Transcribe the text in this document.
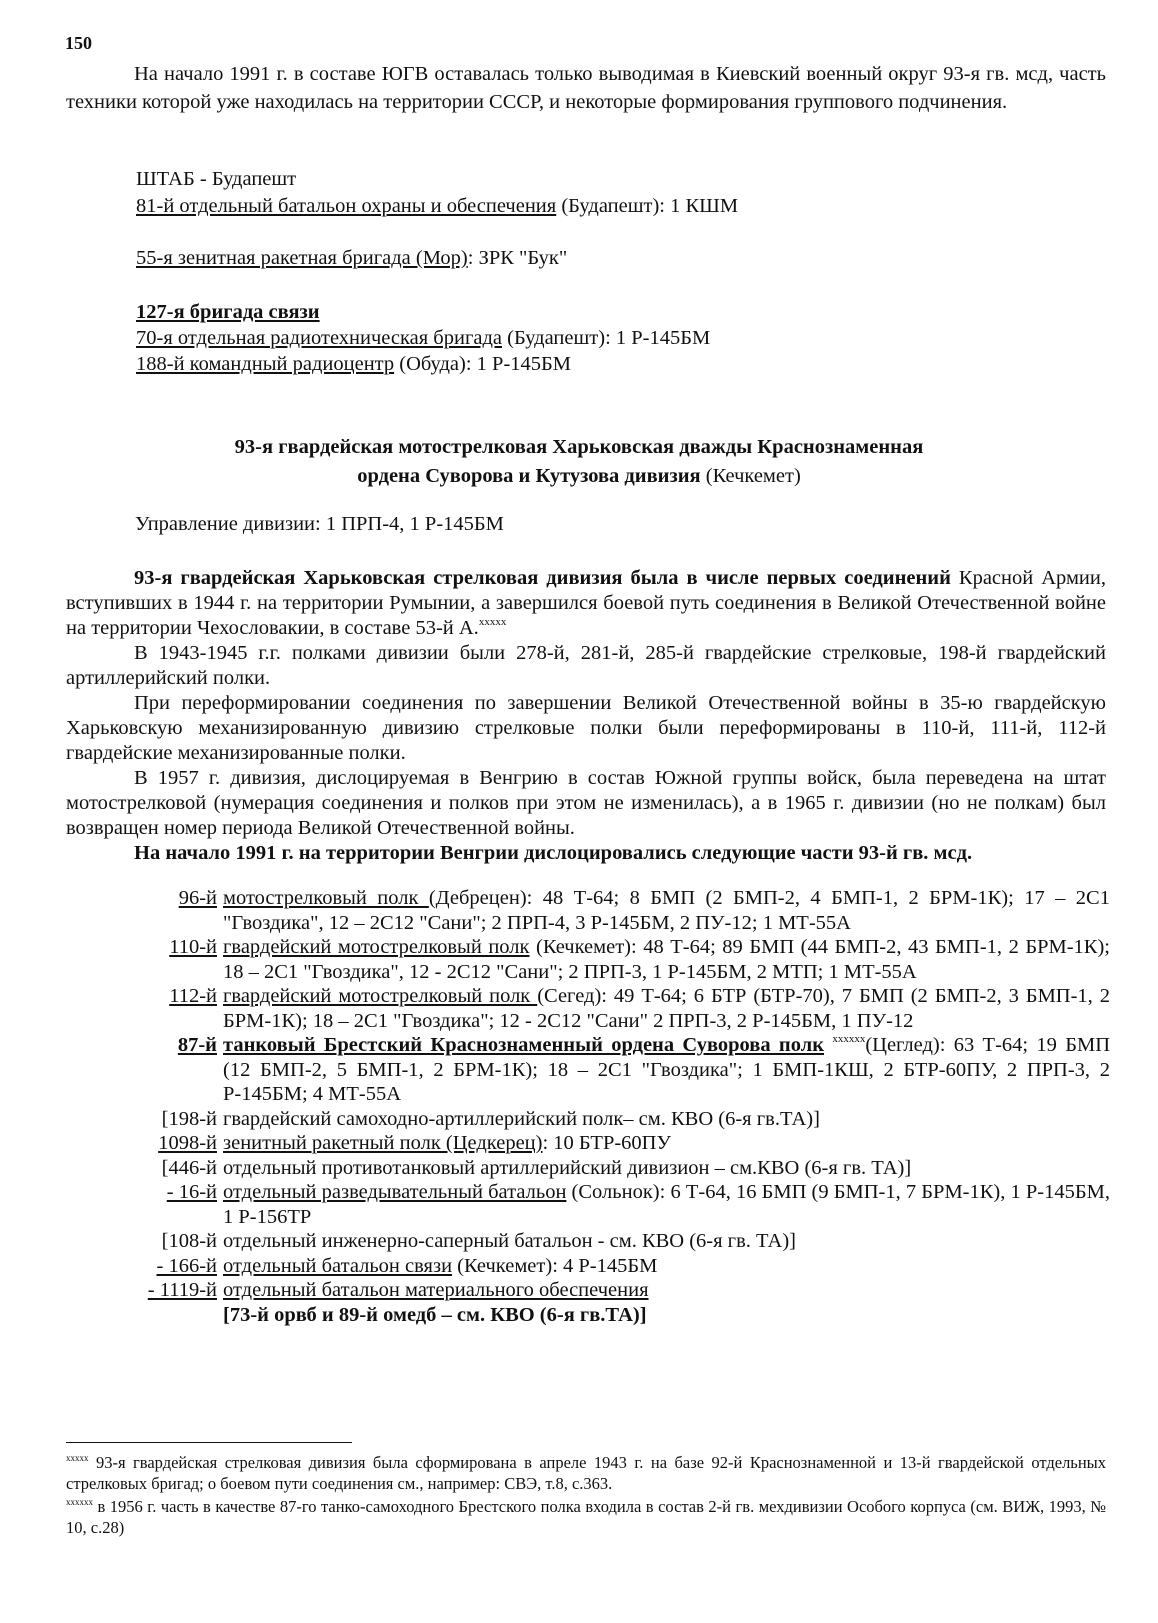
150
На начало 1991 г. в составе ЮГВ оставалась только выводимая в Киевский военный округ 93-я гв. мсд, часть техники которой уже находилась на территории СССР, и некоторые формирования группового подчинения.
ШТАБ - Будапешт
81-й отдельный батальон охраны и обеспечения (Будапешт): 1 КШМ
55-я зенитная ракетная бригада (Мор): ЗРК "Бук"
127-я бригада связи
70-я отдельная радиотехническая бригада (Будапешт): 1 Р-145БМ
188-й командный радиоцентр (Обуда): 1 Р-145БМ
93-я гвардейская мотострелковая Харьковская дважды Краснознаменная
ордена Суворова и Кутузова дивизия (Кечкемет)
Управление дивизии: 1 ПРП-4, 1 Р-145БМ

93-я гвардейская Харьковская стрелковая дивизия была в числе первых соединений Красной Армии, вступивших в 1944 г. на территории Румынии, а завершился боевой путь соединения в Великой Отечественной войне на территории Чехословакии, в составе 53-й А.$^{xxxxx}$

В 1943-1945 г.г. полками дивизии были 278-й, 281-й, 285-й гвардейские стрелковые, 198-й гвардейский артиллерийский полки.

При переформировании соединения по завершении Великой Отечественной войны в 35-ю гвардейскую Харьковскую механизированную дивизию стрелковые полки были переформированы в 110-й, 111-й, 112-й гвардейские механизированные полки.

В 1957 г. дивизия, дислоцируемая в Венгрию в состав Южной группы войск, была переведена на штат мотострелковой (нумерация соединения и полков при этом не изменилась), а в 1965 г. дивизии (но не полкам) был возвращен номер периода Великой Отечественной войны.

На начало 1991 г. на территории Венгрии дислоцировались следующие части 93-й гв. мсд.

96-й мотострелковый полк (Дебрецен): 48 Т-64; 8 БМП (2 БМП-2, 4 БМП-1, 2 БРМ-1К); 17 – 2С1 "Гвоздика", 12 – 2С12 "Сани"; 2 ПРП-4, 3 Р-145БМ, 2 ПУ-12; 1 МТ-55А
110-й гвардейский мотострелковый полк (Кечкемет): 48 Т-64; 89 БМП (44 БМП-2, 43 БМП-1, 2 БРМ-1К); 18 – 2С1 "Гвоздика", 12 - 2С12 "Сани"; 2 ПРП-3, 1 Р-145БМ, 2 МТП; 1 МТ-55А
112-й гвардейский мотострелковый полк (Сегед): 49 Т-64; 6 БТР (БТР-70), 7 БМП (2 БМП-2, 3 БМП-1, 2 БРМ-1К); 18 – 2С1 "Гвоздика"; 12 - 2С12 "Сани" 2 ПРП-3, 2 Р-145БМ, 1 ПУ-12
87-й танковый Брестский Краснознаменный ордена Суворова полк $^{xxxxxx}$(Цеглед): 63 Т-64; 19 БМП (12 БМП-2, 5 БМП-1, 2 БРМ-1К); 18 – 2С1 "Гвоздика"; 1 БМП-1КШ, 2 БТР-60ПУ, 2 ПРП-3, 2 Р-145БМ; 4 МТ-55А
[198-й гвардейский самоходно-артиллерийский полк– см. КВО (6-я гв.ТА)]
1098-й зенитный ракетный полк (Цедкерец): 10 БТР-60ПУ
[446-й отдельный противотанковый артиллерийский дивизион – см.КВО (6-я гв. ТА)]
- 16-й отдельный разведывательный батальон (Сольнок): 6 Т-64, 16 БМП (9 БМП-1, 7 БРМ-1К), 1 Р-145БМ, 1 Р-156ТР
[108-й отдельный инженерно-саперный батальон - см. КВО (6-я гв. ТА)]
- 166-й отдельный батальон связи (Кечкемет): 4 Р-145БМ
- 1119-й отдельный батальон материального обеспечения
[73-й орвб и 89-й омедб – см. КВО (6-я гв.ТА)]
$^{xxxxx}$ 93-я гвардейская стрелковая дивизия была сформирована в апреле 1943 г. на базе 92-й Краснознаменной и 13-й гвардейской отдельных стрелковых бригад; о боевом пути соединения см., например: СВЭ, т.8, с.363.
$^{xxxxxx}$ в 1956 г. часть в качестве 87-го танко-самоходного Брестского полка входила в состав 2-й гв. мехдивизии Особого корпуса (см. ВИЖ, 1993, № 10, с.28)
